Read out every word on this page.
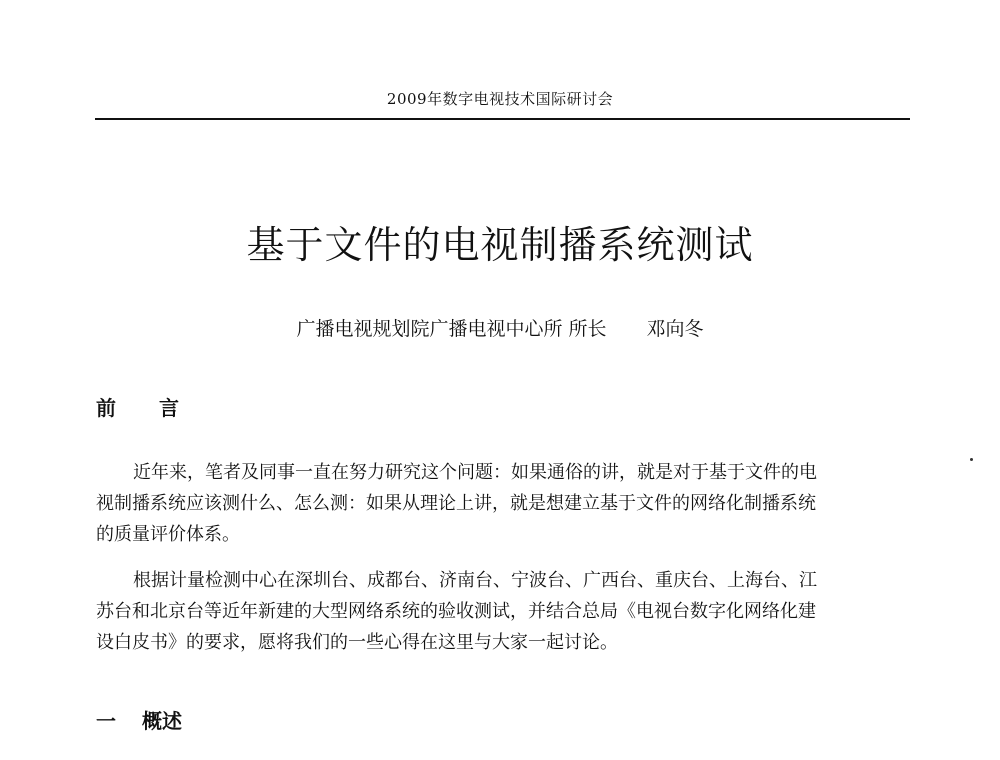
2009年数字电视技术国际研讨会
基于文件的电视制播系统测试
广播电视规划院广播电视中心所 所长 邓向冬
前 言
近年来，笔者及同事一直在努力研究这个问题：如果通俗的讲，就是对于基于文件的电
视制播系统应该测什么、怎么测：如果从理论上讲，就是想建立基于文件的网络化制播系统
的质量评价体系。
根据计量检测中心在深圳台、成都台、济南台、宁波台、广西台、重庆台、上海台、江
苏台和北京台等近年新建的大型网络系统的验收测试，并结合总局《电视台数字化网络化建
设白皮书》的要求，愿将我们的一些心得在这里与大家一起讨论。
一 概述
